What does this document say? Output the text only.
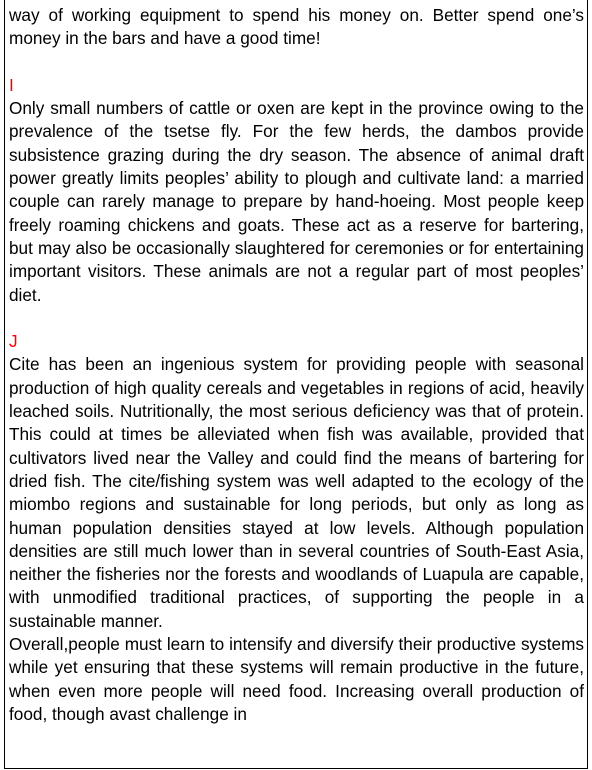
way of working equipment to spend his money on. Better spend one’s money in the bars and have a good time!

I

Only small numbers of cattle or oxen are kept in the province owing to the prevalence of the tsetse fly. For the few herds, the dambos provide subsistence grazing during the dry season. The absence of animal draft power greatly limits peoples’ ability to plough and cultivate land: a married couple can rarely manage to prepare by hand-hoeing. Most people keep freely roaming chickens and goats. These act as a reserve for bartering, but may also be occasionally slaughtered for ceremonies or for entertaining important visitors. These animals are not a regular part of most peoples’ diet.

J

Cite has been an ingenious system for providing people with seasonal production of high quality cereals and vegetables in regions of acid, heavily leached soils. Nutritionally, the most serious deficiency was that of protein. This could at times be alleviated when fish was available, provided that cultivators lived near the Valley and could find the means of bartering for dried fish. The cite/fishing system was well adapted to the ecology of the miombo regions and sustainable for long periods, but only as long as human population densities stayed at low levels. Although population densities are still much lower than in several countries of South-East Asia, neither the fisheries nor the forests and woodlands of Luapula are capable, with unmodified traditional practices, of supporting the people in a sustainable manner.

Overall,people must learn to intensify and diversify their productive systems while yet ensuring that these systems will remain productive in the future, when even more people will need food. Increasing overall production of food, though avast challenge in
